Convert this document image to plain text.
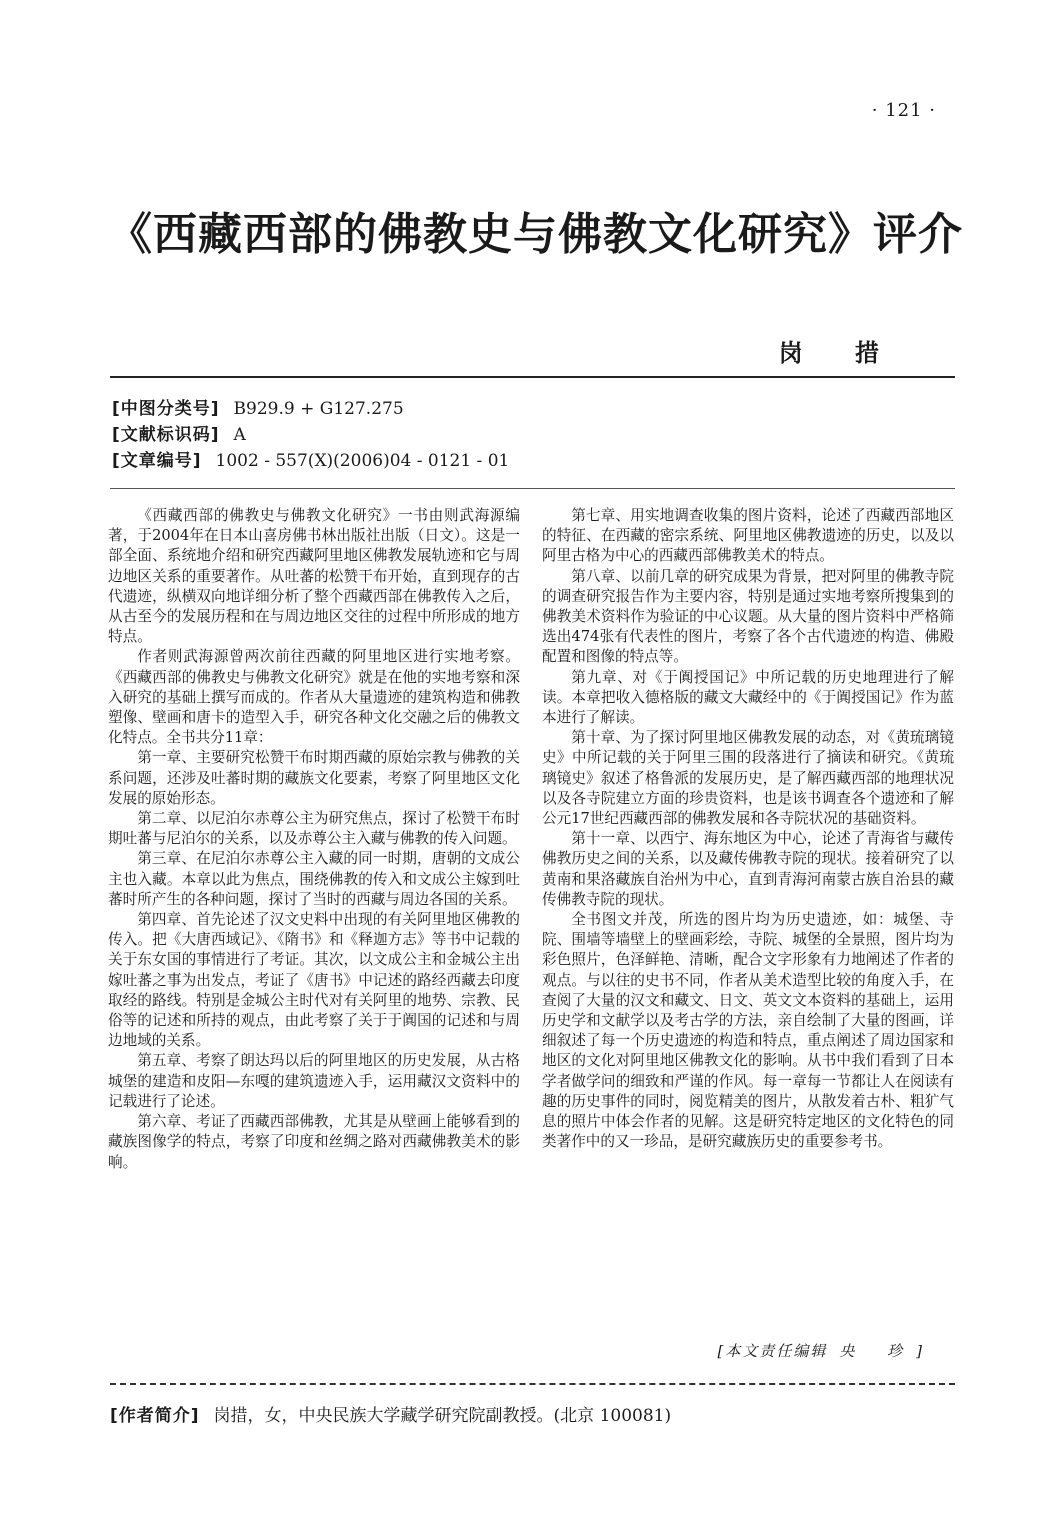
· 121 ·
《西藏西部的佛教史与佛教文化研究》评介
岗 措
[中图分类号] B929.9 + G127.275
[文献标识码] A
[文章编号] 1002 - 557(X)(2006)04 - 0121 - 01

《西藏西部的佛教史与佛教文化研究》一书由则武海源编著，于2004年在日本山喜房佛书林出版社出版（日文）。这是一部全面、系统地介绍和研究西藏阿里地区佛教发展轨迹和它与周边地区关系的重要著作。从吐蕃的松赞干布开始，直到现存的古代遗迹，纵横双向地详细分析了整个西藏西部在佛教传入之后，从古至今的发展历程和在与周边地区交往的过程中所形成的地方特点。

作者则武海源曾两次前往西藏的阿里地区进行实地考察。《西藏西部的佛教史与佛教文化研究》就是在他的实地考察和深入研究的基础上撰写而成的。作者从大量遗迹的建筑构造和佛教塑像、壁画和唐卡的造型入手，研究各种文化交融之后的佛教文化特点。全书共分11章：

第一章、主要研究松赞干布时期西藏的原始宗教与佛教的关系问题，还涉及吐蕃时期的藏族文化要素，考察了阿里地区文化发展的原始形态。

第二章、以尼泊尔赤尊公主为研究焦点，探讨了松赞干布时期吐蕃与尼泊尔的关系，以及赤尊公主入藏与佛教的传入问题。

第三章、在尼泊尔赤尊公主入藏的同一时期，唐朝的文成公主也入藏。本章以此为焦点，围绕佛教的传入和文成公主嫁到吐蕃时所产生的各种问题，探讨了当时的西藏与周边各国的关系。

第四章、首先论述了汉文史料中出现的有关阿里地区佛教的传入。把《大唐西域记》、《隋书》和《释迦方志》等书中记载的关于东女国的事情进行了考证。其次，以文成公主和金城公主出嫁吐蕃之事为出发点，考证了《唐书》中记述的路经西藏去印度取经的路线。特别是金城公主时代对有关阿里的地势、宗教、民俗等的记述和所持的观点，由此考察了关于于阗国的记述和与周边地域的关系。

第五章、考察了朗达玛以后的阿里地区的历史发展，从古格城堡的建造和皮阳—东嘎的建筑遗迹入手，运用藏汉文资料中的记载进行了论述。

第六章、考证了西藏西部佛教，尤其是从壁画上能够看到的藏族图像学的特点，考察了印度和丝绸之路对西藏佛教美术的影响。

第七章、用实地调查收集的图片资料，论述了西藏西部地区的特征、在西藏的密宗系统、阿里地区佛教遗迹的历史，以及以阿里古格为中心的西藏西部佛教美术的特点。

第八章、以前几章的研究成果为背景，把对阿里的佛教寺院的调查研究报告作为主要内容，特别是通过实地考察所搜集到的佛教美术资料作为验证的中心议题。从大量的图片资料中严格筛选出474张有代表性的图片，考察了各个古代遗迹的构造、佛殿配置和图像的特点等。

第九章、对《于阗授国记》中所记载的历史地理进行了解读。本章把收入德格版的藏文大藏经中的《于阗授国记》作为蓝本进行了解读。

第十章、为了探讨阿里地区佛教发展的动态，对《黄琉璃镜史》中所记载的关于阿里三围的段落进行了摘读和研究。《黄琉璃镜史》叙述了格鲁派的发展历史，是了解西藏西部的地理状况以及各寺院建立方面的珍贵资料，也是该书调查各个遗迹和了解公元17世纪西藏西部的佛教发展和各寺院状况的基础资料。

第十一章、以西宁、海东地区为中心，论述了青海省与藏传佛教历史之间的关系，以及藏传佛教寺院的现状。接着研究了以黄南和果洛藏族自治州为中心，直到青海河南蒙古族自治县的藏传佛教寺院的现状。

全书图文并茂，所选的图片均为历史遗迹，如：城堡、寺院、围墙等墙壁上的壁画彩绘，寺院、城堡的全景照，图片均为彩色照片，色泽鲜艳、清晰，配合文字形象有力地阐述了作者的观点。与以往的史书不同，作者从美术造型比较的角度入手，在查阅了大量的汉文和藏文、日文、英文文本资料的基础上，运用历史学和文献学以及考古学的方法，亲自绘制了大量的图画，详细叙述了每一个历史遗迹的构造和特点，重点阐述了周边国家和地区的文化对阿里地区佛教文化的影响。从书中我们看到了日本学者做学问的细致和严谨的作风。每一章每一节都让人在阅读有趣的历史事件的同时，阅览精美的图片，从散发着古朴、粗犷气息的照片中体会作者的见解。这是研究特定地区的文化特色的同类著作中的又一珍品，是研究藏族历史的重要参考书。

[本文责任编辑 央 珍]
[作者简介] 岗措，女，中央民族大学藏学研究院副教授。(北京 100081)
